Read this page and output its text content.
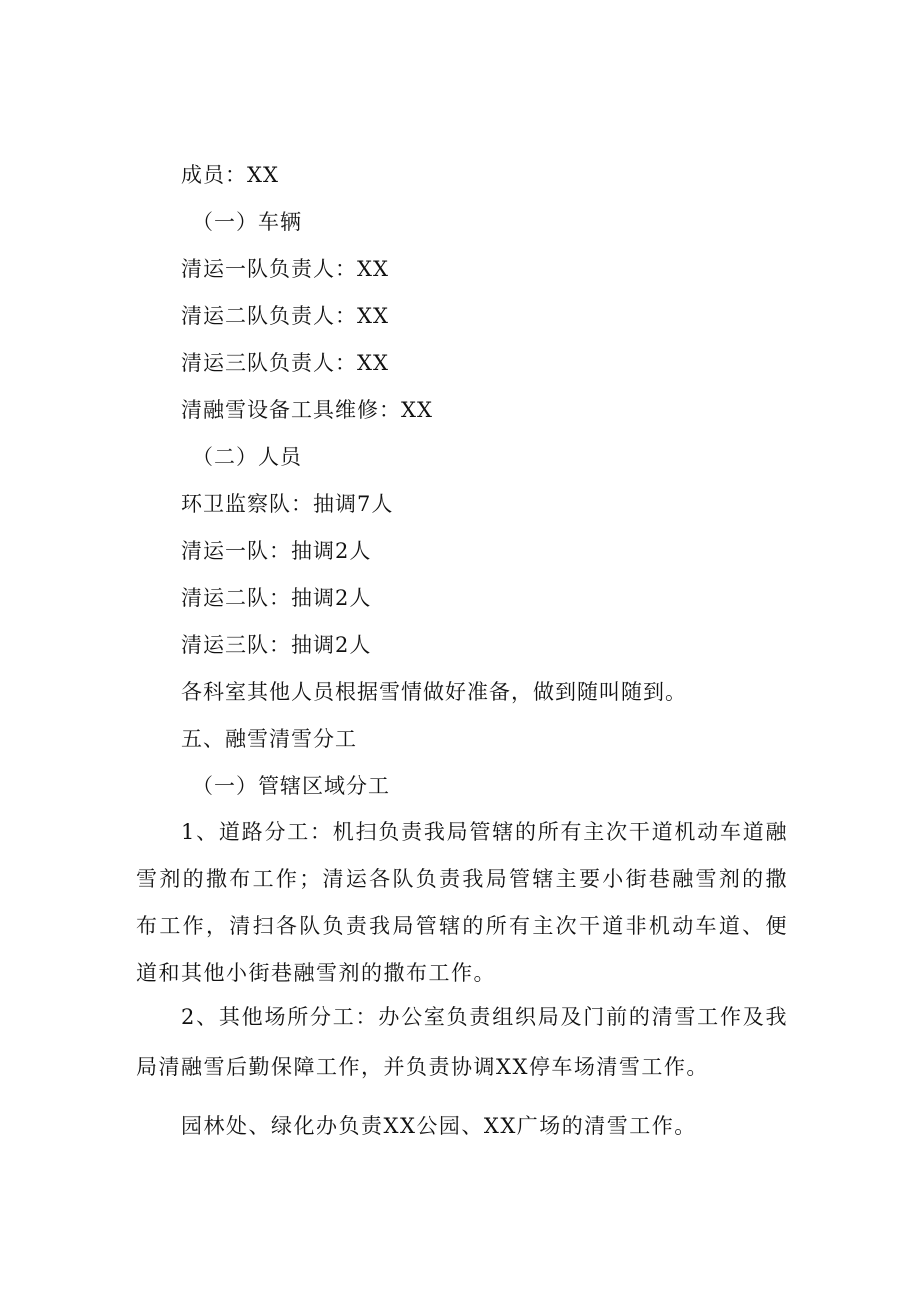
成员：XX
（一）车辆
清运一队负责人：XX
清运二队负责人：XX
清运三队负责人：XX
清融雪设备工具维修：XX
（二）人员
环卫监察队：抽调7人
清运一队：抽调2人
清运二队：抽调2人
清运三队：抽调2人
各科室其他人员根据雪情做好准备，做到随叫随到。
五、融雪清雪分工
（一）管辖区域分工
1、道路分工：机扫负责我局管辖的所有主次干道机动车道融雪剂的撒布工作；清运各队负责我局管辖主要小街巷融雪剂的撒布工作，清扫各队负责我局管辖的所有主次干道非机动车道、便道和其他小街巷融雪剂的撒布工作。
2、其他场所分工：办公室负责组织局及门前的清雪工作及我局清融雪后勤保障工作，并负责协调XX停车场清雪工作。
园林处、绿化办负责XX公园、XX广场的清雪工作。
